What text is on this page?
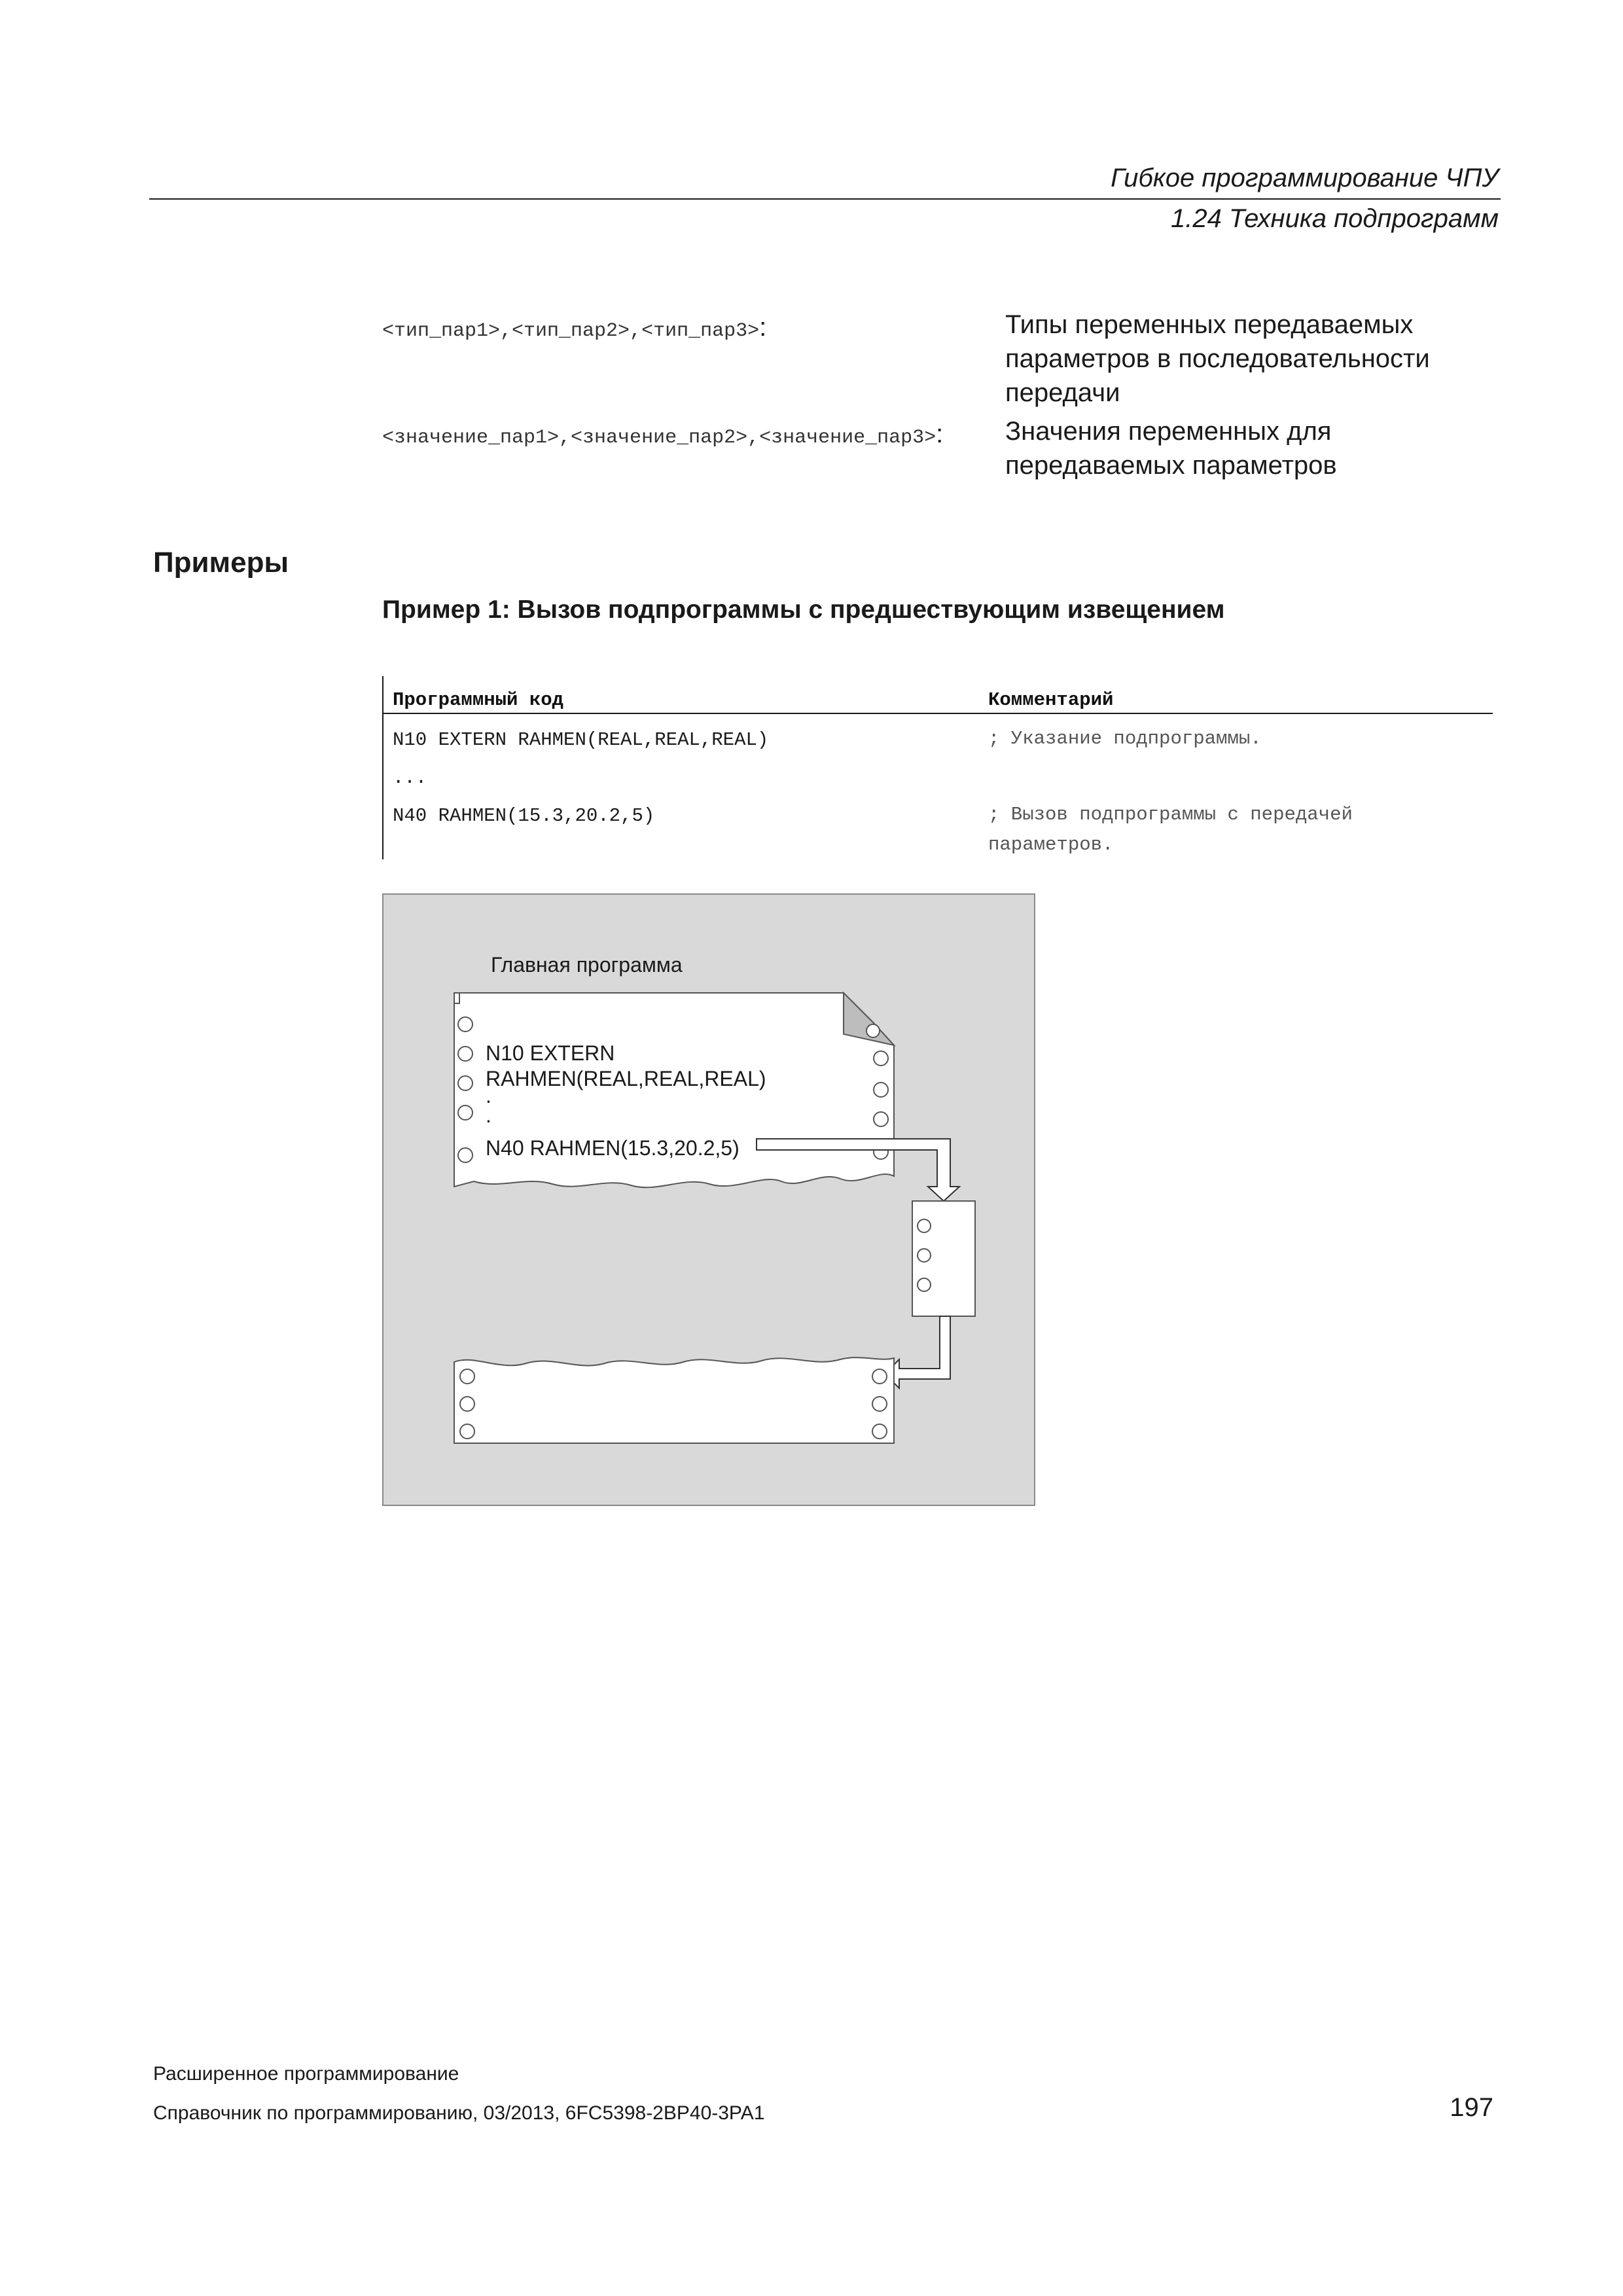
Гибкое программирование ЧПУ
1.24 Техника подпрограмм
<тип_пар1>,<тип_пар2>,<тип_пар3>:	Типы переменных передаваемых
параметров в последовательности
передачи
<значение_пар1>,<значение_пар2>,<значение_пар3>: Значения переменных для
передаваемых параметров
Примеры
Пример 1: Вызов подпрограммы с предшествующим извещением
Программный код	Комментарий
N10 EXTERN RAHMEN(REAL,REAL,REAL)	; Указание подпрограммы.
...
N40 RAHMEN(15.3,20.2,5)	; Вызов подпрограммы с передачей
параметров.
Главная программа
N10 EXTERN
RAHMEN(REAL,REAL,REAL)
.
.
N40 RAHMEN(15.3,20.2,5)
Расширенное программирование
Справочник по программированию, 03/2013, 6FC5398-2BP40-3PA1	197
